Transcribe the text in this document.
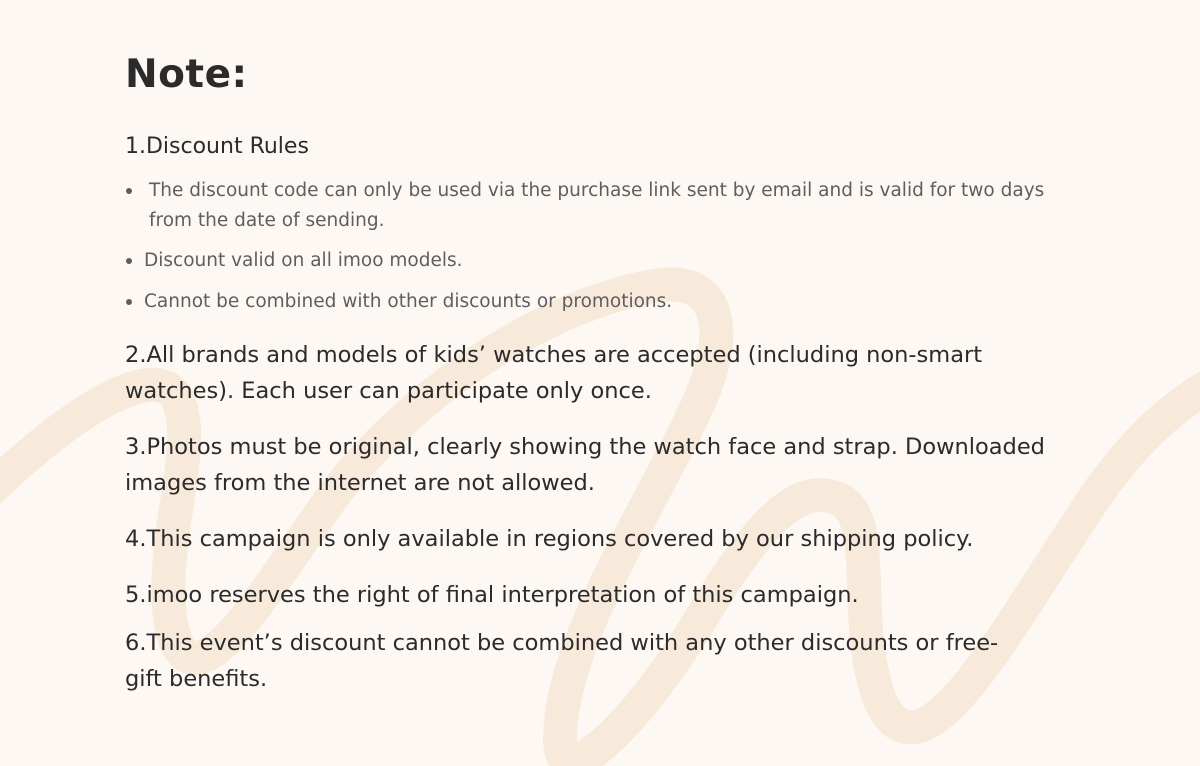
Note:
1.Discount Rules

The discount code can only be used via the purchase link sent by email and is valid for two days from the date of sending.

Discount valid on all imoo models.

Cannot be combined with other discounts or promotions.

2.All brands and models of kids’ watches are accepted (including non-smart watches). Each user can participate only once.

3.Photos must be original, clearly showing the watch face and strap. Downloaded images from the internet are not allowed.

4.This campaign is only available in regions covered by our shipping policy.

5.imoo reserves the right of final interpretation of this campaign.

6.This event’s discount cannot be combined with any other discounts or free-gift benefits.
